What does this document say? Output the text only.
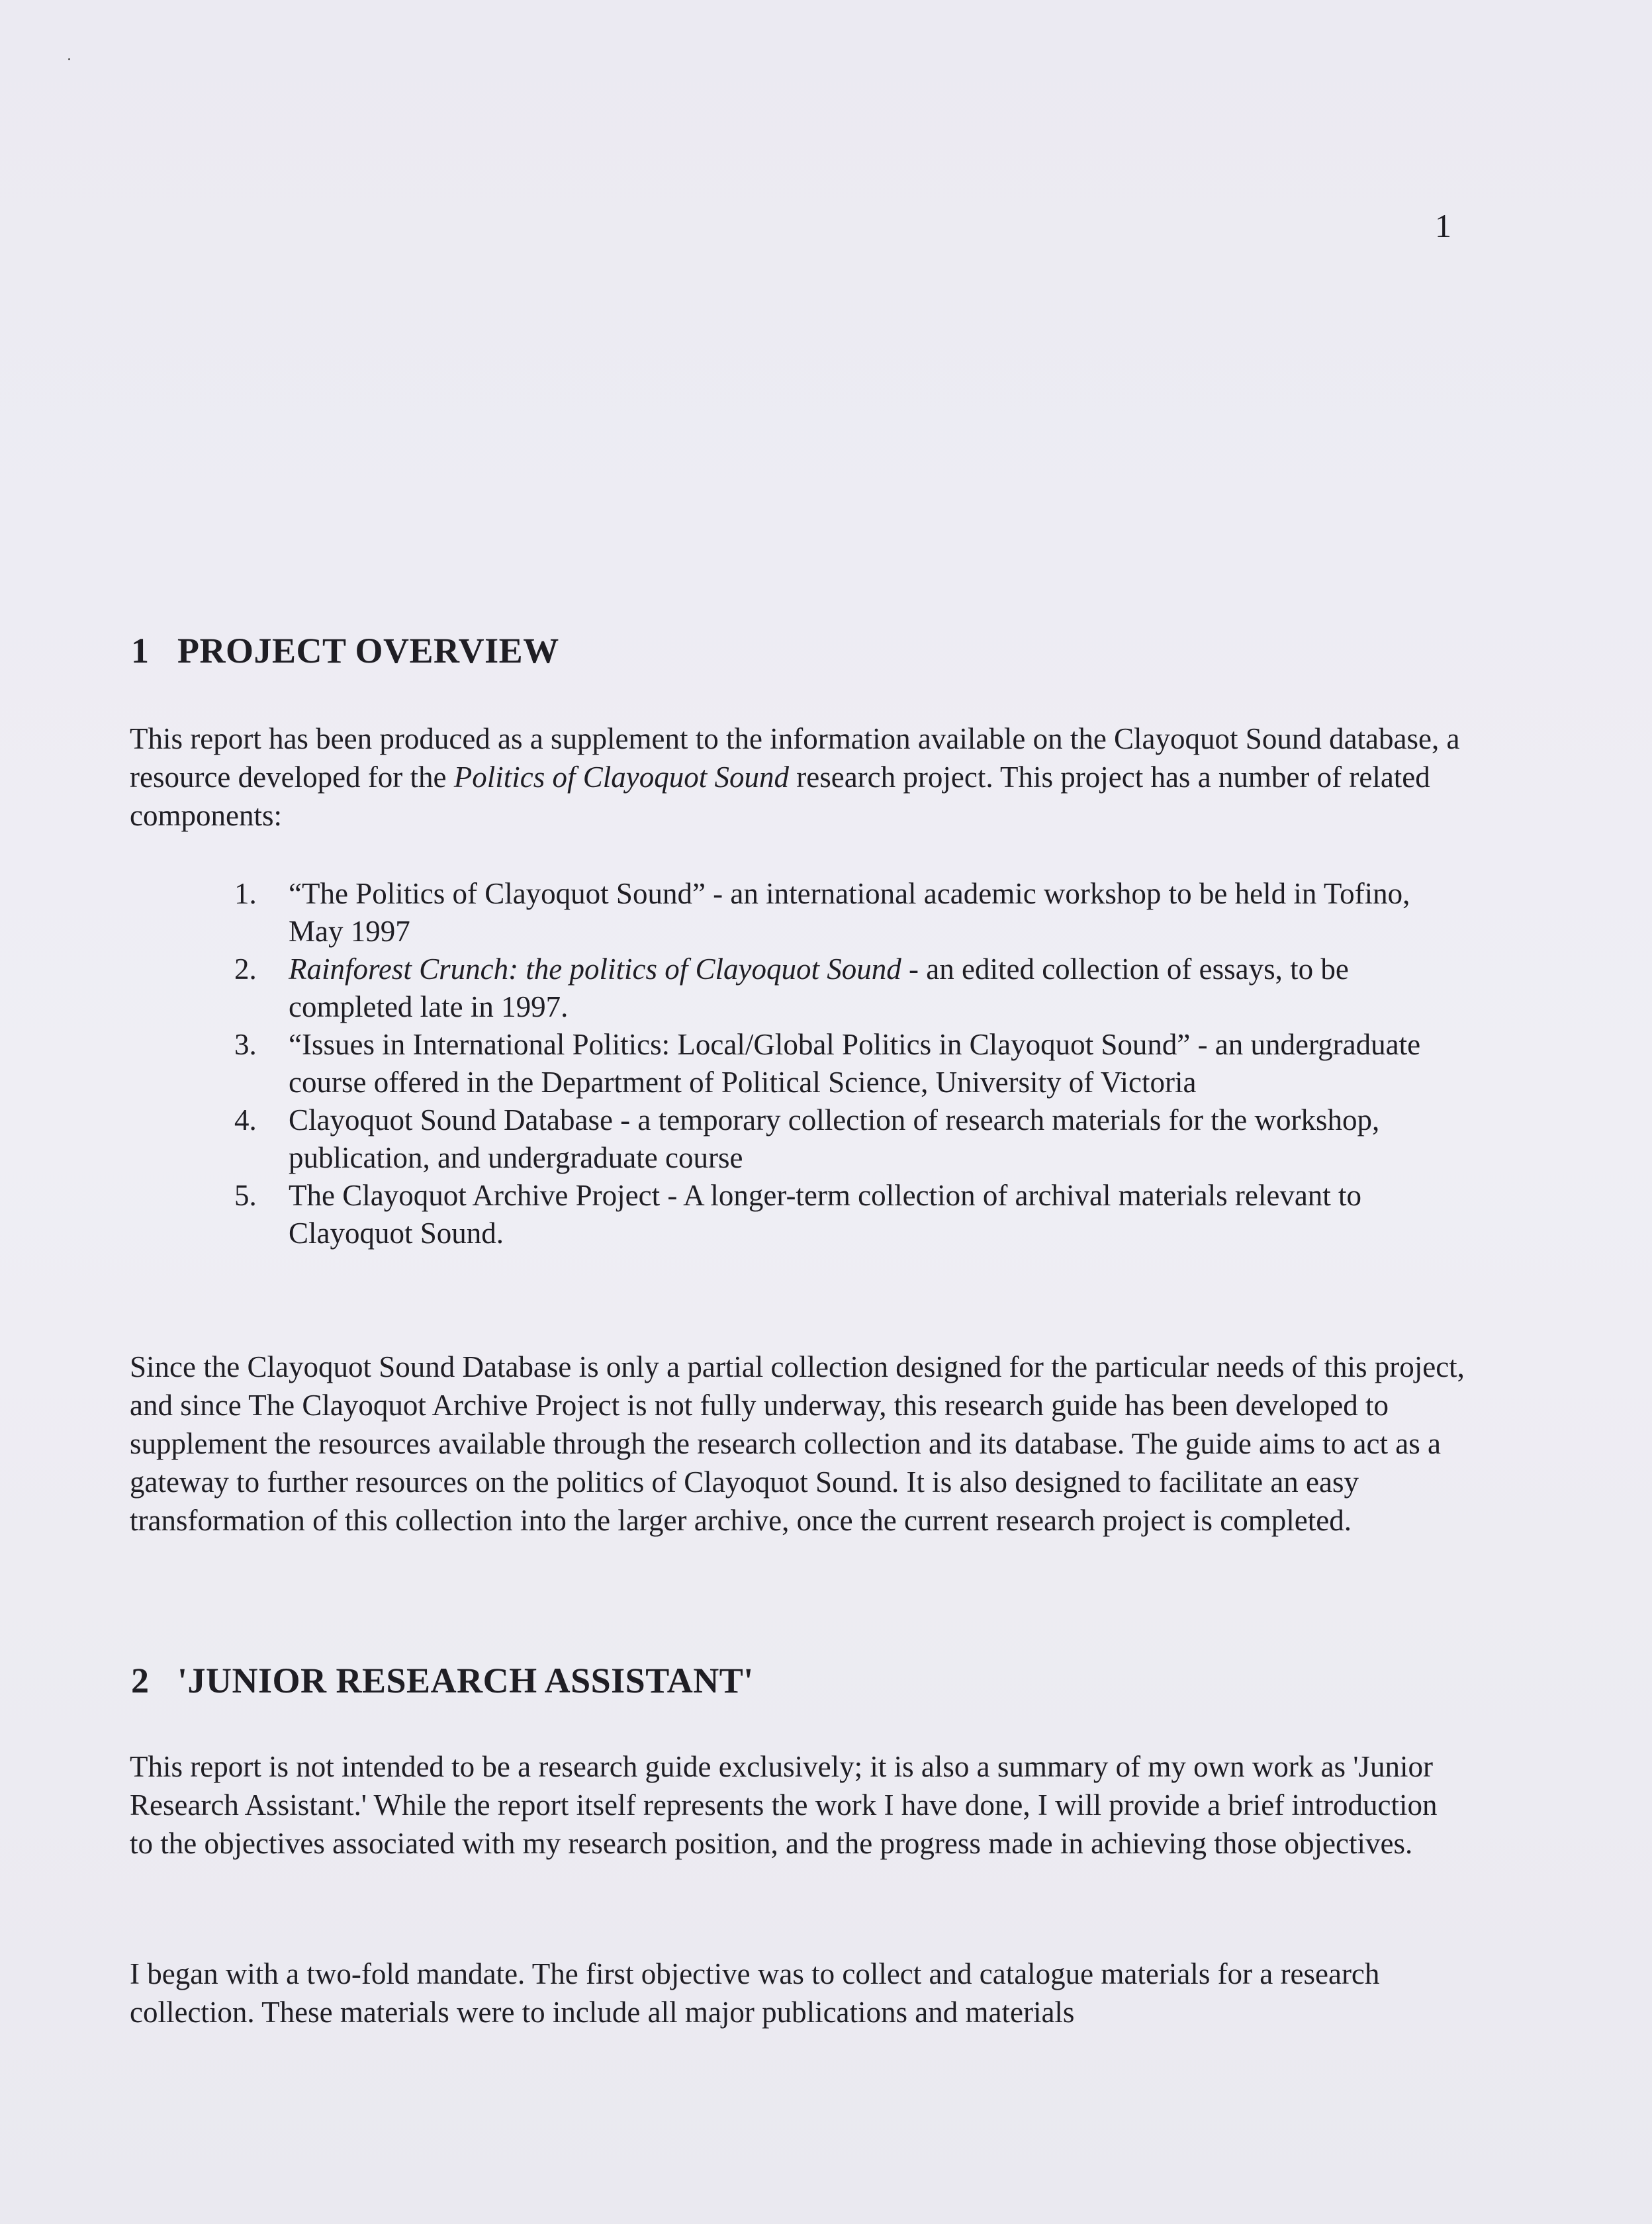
1
1 PROJECT OVERVIEW

This report has been produced as a supplement to the information available on the Clayoquot Sound database, a resource developed for the Politics of Clayoquot Sound research project. This project has a number of related components:

1. “The Politics of Clayoquot Sound” - an international academic workshop to be held in Tofino, May 1997
2. Rainforest Crunch: the politics of Clayoquot Sound - an edited collection of essays, to be completed late in 1997.
3. “Issues in International Politics: Local/Global Politics in Clayoquot Sound” - an undergraduate course offered in the Department of Political Science, University of Victoria
4. Clayoquot Sound Database - a temporary collection of research materials for the workshop, publication, and undergraduate course
5. The Clayoquot Archive Project - A longer-term collection of archival materials relevant to Clayoquot Sound.

Since the Clayoquot Sound Database is only a partial collection designed for the particular needs of this project, and since The Clayoquot Archive Project is not fully underway, this research guide has been developed to supplement the resources available through the research collection and its database. The guide aims to act as a gateway to further resources on the politics of Clayoquot Sound. It is also designed to facilitate an easy transformation of this collection into the larger archive, once the current research project is completed.

2 'JUNIOR RESEARCH ASSISTANT'

This report is not intended to be a research guide exclusively; it is also a summary of my own work as 'Junior Research Assistant.' While the report itself represents the work I have done, I will provide a brief introduction to the objectives associated with my research position, and the progress made in achieving those objectives.

I began with a two-fold mandate. The first objective was to collect and catalogue materials for a research collection. These materials were to include all major publications and materials
